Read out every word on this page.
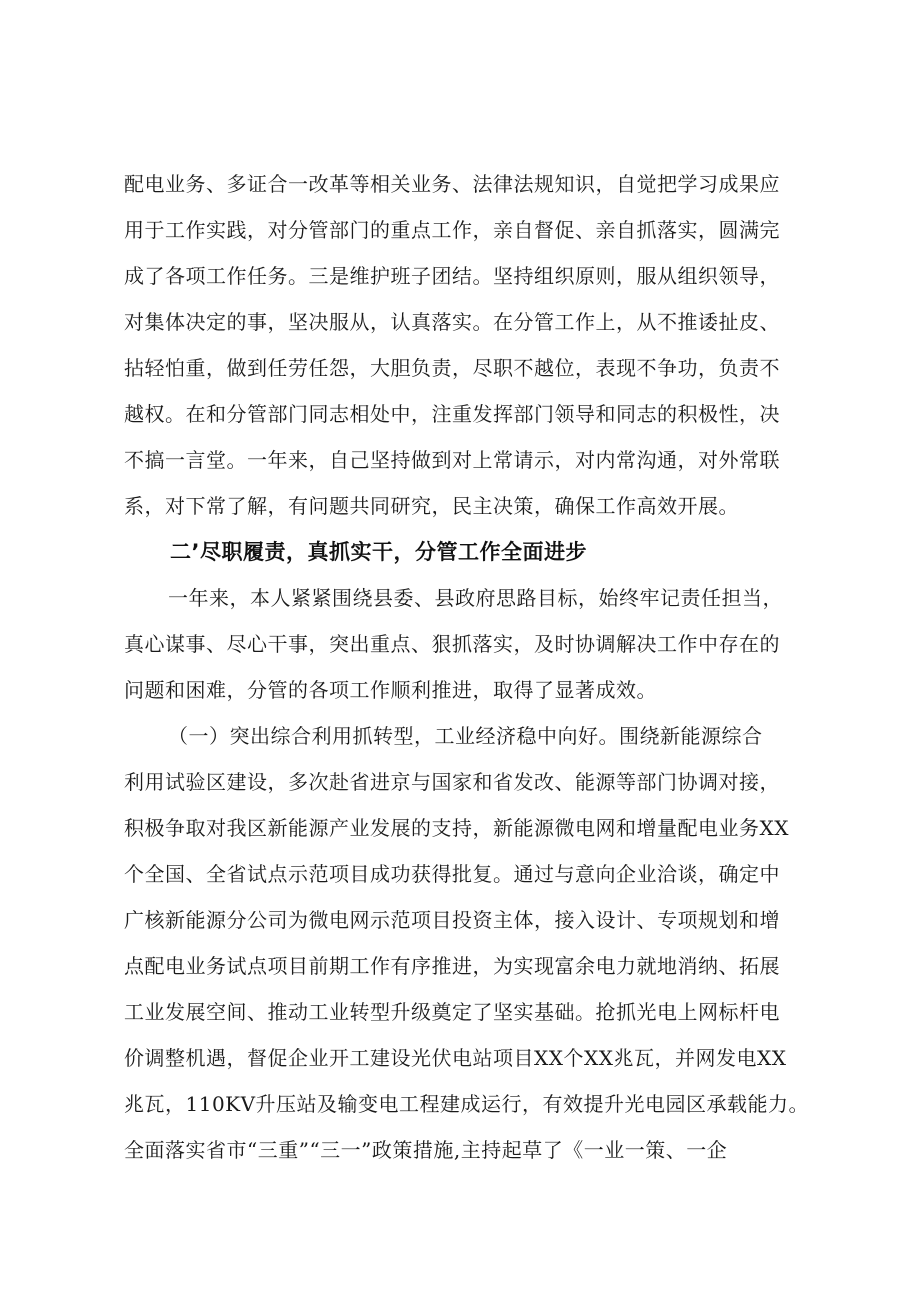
配电业务、多证合一改革等相关业务、法律法规知识，自觉把学习成果应
用于工作实践，对分管部门的重点工作，亲自督促、亲自抓落实，圆满完
成了各项工作任务。三是维护班子团结。坚持组织原则，服从组织领导，
对集体决定的事，坚决服从，认真落实。在分管工作上，从不推诿扯皮、
拈轻怕重，做到任劳任怨，大胆负责，尽职不越位，表现不争功，负责不
越权。在和分管部门同志相处中，注重发挥部门领导和同志的积极性，决
不搞一言堂。一年来，自己坚持做到对上常请示，对内常沟通，对外常联
系，对下常了解，有问题共同研究，民主决策，确保工作高效开展。
二’尽职履责，真抓实干，分管工作全面进步
一年来，本人紧紧围绕县委、县政府思路目标，始终牢记责任担当，
真心谋事、尽心干事，突出重点、狠抓落实，及时协调解决工作中存在的
问题和困难，分管的各项工作顺利推进，取得了显著成效。
（一）突出综合利用抓转型，工业经济稳中向好。围绕新能源综合
利用试验区建设，多次赴省进京与国家和省发改、能源等部门协调对接，
积极争取对我区新能源产业发展的支持，新能源微电网和增量配电业务XX
个全国、全省试点示范项目成功获得批复。通过与意向企业洽谈，确定中
广核新能源分公司为微电网示范项目投资主体，接入设计、专项规划和增
点配电业务试点项目前期工作有序推进，为实现富余电力就地消纳、拓展
工业发展空间、推动工业转型升级奠定了坚实基础。抢抓光电上网标杆电
价调整机遇，督促企业开工建设光伏电站项目XX个XX兆瓦，并网发电XX
兆瓦，110KV升压站及输变电工程建成运行，有效提升光电园区承载能力。
全面落实省市“三重”“三一”政策措施,主持起草了《一业一策、一企
